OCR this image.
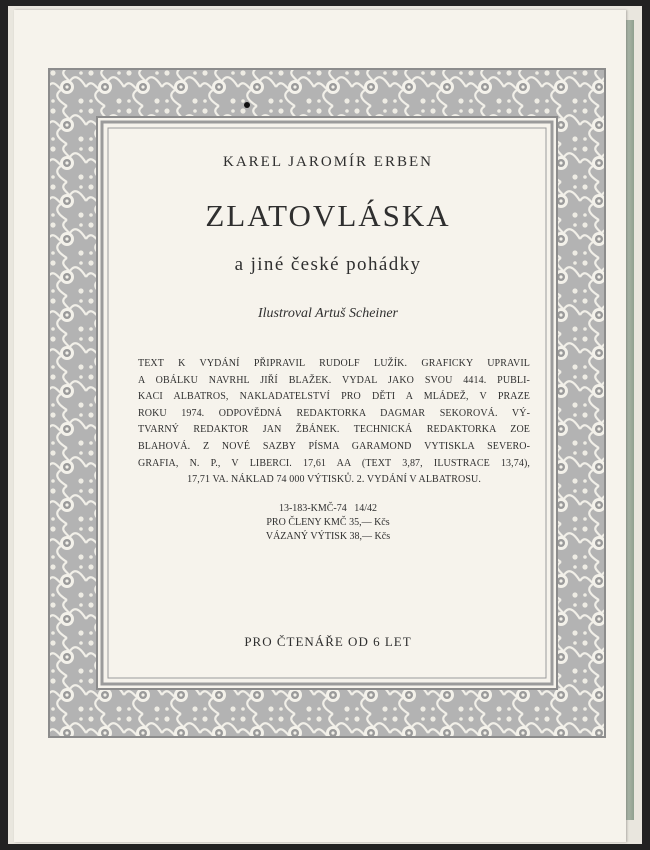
KAREL JAROMÍR ERBEN
ZLATOVLÁSKA
a jiné české pohádky
Ilustroval Artuš Scheiner
TEXT K VYDÁNÍ PŘIPRAVIL RUDOLF LUŽÍK. GRAFICKY UPRAVIL
A OBÁLKU NAVRHL JIŘÍ BLAŽEK. VYDAL JAKO SVOU 4414. PUBLI-
KACI ALBATROS, NAKLADATELSTVÍ PRO DĚTI A MLÁDEŽ, V PRAZE
ROKU 1974. ODPOVĚDNÁ REDAKTORKA DAGMAR SEKOROVÁ. VÝ-
TVARNÝ REDAKTOR JAN ŽBÁNEK. TECHNICKÁ REDAKTORKA ZOE
BLAHOVÁ. Z NOVÉ SAZBY PÍSMA GARAMOND VYTISKLA SEVERO-
GRAFIA, N. P., V LIBERCI. 17,61 AA (TEXT 3,87, ILUSTRACE 13,74),
17,71 VA. NÁKLAD 74 000 VÝTISKŮ. 2. VYDÁNÍ V ALBATROSU.
13-183-KMČ-74   14/42
PRO ČLENY KMČ 35,— Kčs
VÁZANÝ VÝTISK 38,— Kčs
PRO ČTENÁŘE OD 6 LET
